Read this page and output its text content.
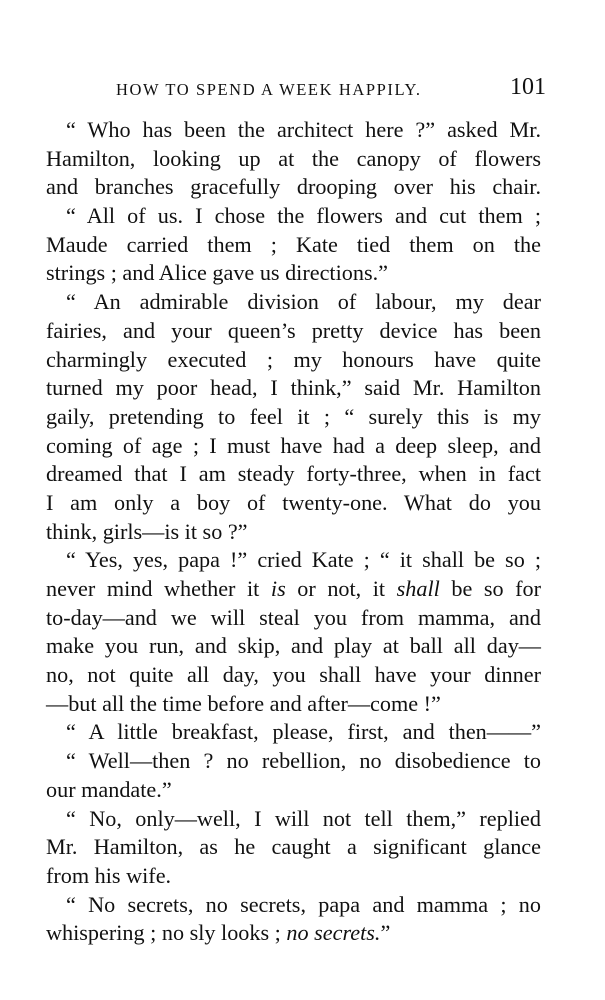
HOW TO SPEND A WEEK HAPPILY.	101
“ Who has been the architect here ?” asked Mr.
Hamilton, looking up at the canopy of flowers
and branches gracefully drooping over his chair.
“ All of us. I chose the flowers and cut them ;
Maude carried them ; Kate tied them on the
strings ; and Alice gave us directions.”
“ An admirable division of labour, my dear
fairies, and your queen’s pretty device has been
charmingly executed ; my honours have quite
turned my poor head, I think,” said Mr. Hamilton
gaily, pretending to feel it ; “ surely this is my
coming of age ; I must have had a deep sleep, and
dreamed that I am steady forty-three, when in fact
I am only a boy of twenty-one. What do you
think, girls—is it so ?”
“ Yes, yes, papa !” cried Kate ; “ it shall be so ;
never mind whether it is or not, it shall be so for
to-day—and we will steal you from mamma, and
make you run, and skip, and play at ball all day—
no, not quite all day, you shall have your dinner
—but all the time before and after—come !”
“ A little breakfast, please, first, and then——”
“ Well—then ? no rebellion, no disobedience to
our mandate.”
“ No, only—well, I will not tell them,” replied
Mr. Hamilton, as he caught a significant glance
from his wife.
“ No secrets, no secrets, papa and mamma ; no
whispering ; no sly looks ; no secrets.”
